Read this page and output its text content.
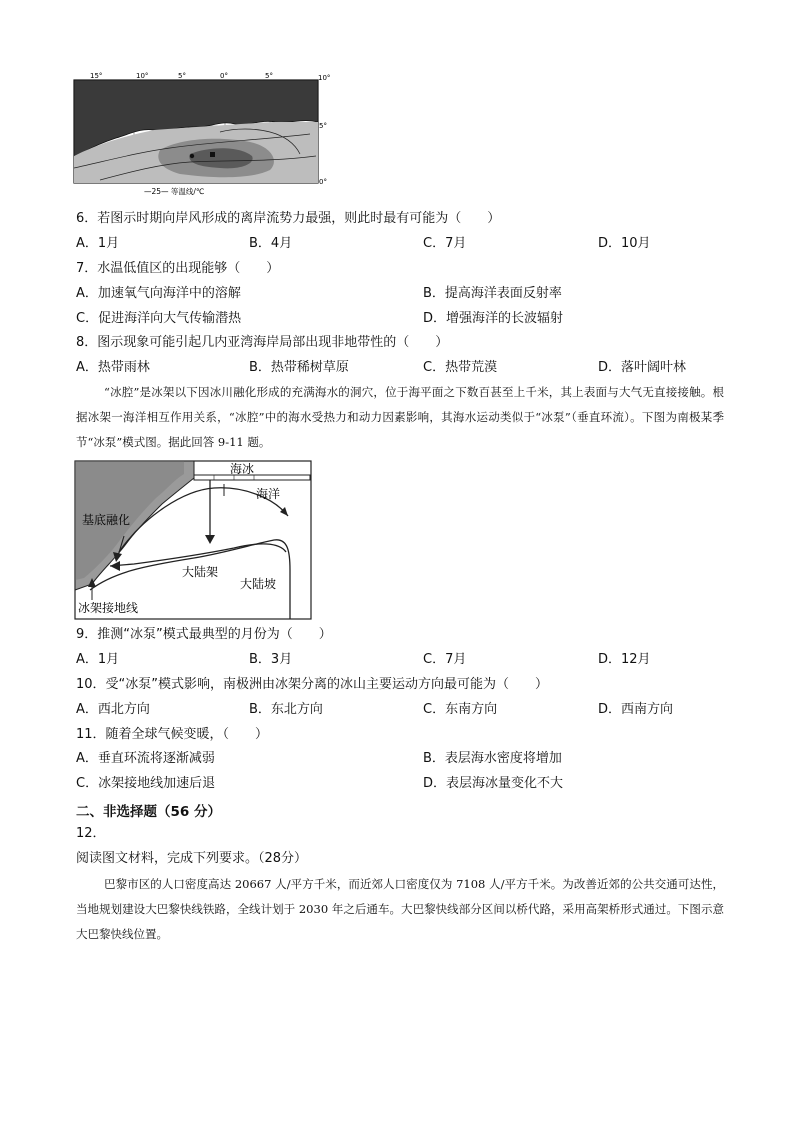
15°	10°	5°	0°	5°	10°
5°
0°
—25— 等温线/℃
6．若图示时期向岸风形成的离岸流势力最强，则此时最有可能为（　　）
A．1月	B．4月	C．7月	D．10月
7．水温低值区的出现能够（　　）
A．加速氧气向海洋中的溶解	B．提高海洋表面反射率
C．促进海洋向大气传输潜热	D．增强海洋的长波辐射
8．图示现象可能引起几内亚湾海岸局部出现非地带性的（　　）
A．热带雨林	B．热带稀树草原	C．热带荒漠	D．落叶阔叶林
“冰腔”是冰架以下因冰川融化形成的充满海水的洞穴，位于海平面之下数百甚至上千米，其上表面与大气无直接接触。根据冰架一海洋相互作用关系，“冰腔”中的海水受热力和动力因素影响，其海水运动类似于“冰泵”（垂直环流）。下图为南极某季节“冰泵”模式图。据此回答 9-11 题。
海冰
海洋
基底融化
大陆架
大陆坡
冰架接地线
9．推测“冰泵”模式最典型的月份为（　　）
A．1月	B．3月	C．7月	D．12月
10．受“冰泵”模式影响，南极洲由冰架分离的冰山主要运动方向最可能为（　　）
A．西北方向	B．东北方向	C．东南方向	D．西南方向
11．随着全球气候变暖，（　　）
A．垂直环流将逐渐减弱	B．表层海水密度将增加
C．冰架接地线加速后退	D．表层海冰量变化不大
二、非选择题（56 分）
12．
阅读图文材料，完成下列要求。（28分）
巴黎市区的人口密度高达 20667 人/平方千米，而近郊人口密度仅为 7108 人/平方千米。为改善近郊的公共交通可达性，当地规划建设大巴黎快线铁路，全线计划于 2030 年之后通车。大巴黎快线部分区间以桥代路，采用高架桥形式通过。下图示意大巴黎快线位置。
